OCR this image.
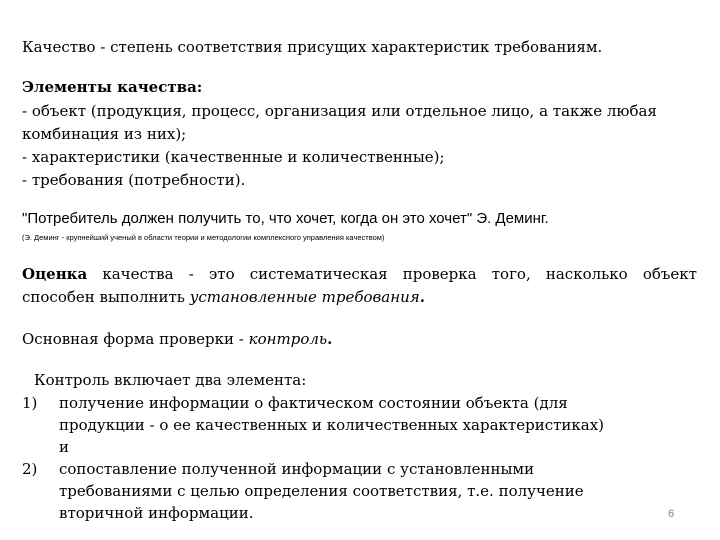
Качество - степень соответствия присущих характеристик требованиям.
Элементы качества:
- объект (продукция, процесс, организация или отдельное лицо, а также любая
комбинация из них);
- характеристики (качественные и количественные);
- требования (потребности).
"Потребитель должен получить то, что хочет, когда он это хочет" Э. Деминг.
(Э. Деминг - крупнейший ученый в области теории и методологии комплексного управления качеством)
Оценка качества - это систематическая проверка того, насколько объект
способен выполнить установленные требования.
Основная форма проверки - контроль.
Контроль включает два элемента:
1) получение информации о фактическом состоянии объекта (для
продукции - о ее качественных и количественных характеристиках)
и
2) сопоставление полученной информации с установленными
требованиями с целью определения соответствия, т.е. получение
вторичной информации.	6
